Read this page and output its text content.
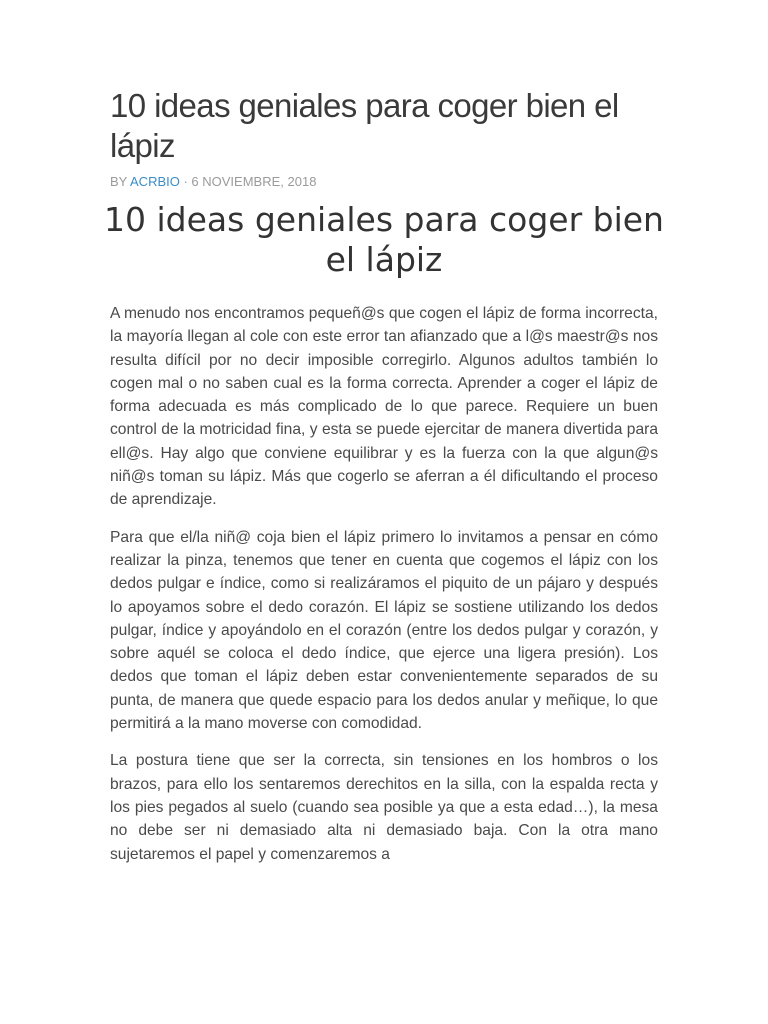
10 ideas geniales para coger bien el lápiz
BY ACRBIO · 6 NOVIEMBRE, 2018
10 ideas geniales para coger bien el lápiz

A menudo nos encontramos pequeñ@s que cogen el lápiz de forma incorrecta, la mayoría llegan al cole con este error tan afianzado que a l@s maestr@s nos resulta difícil por no decir imposible corregirlo. Algunos adultos también lo cogen mal o no saben cual es la forma correcta. Aprender a coger el lápiz de forma adecuada es más complicado de lo que parece. Requiere un buen control de la motricidad fina, y esta se puede ejercitar de manera divertida para ell@s. Hay algo que conviene equilibrar y es la fuerza con la que algun@s niñ@s toman su lápiz. Más que cogerlo se aferran a él dificultando el proceso de aprendizaje.

Para que el/la niñ@ coja bien el lápiz primero lo invitamos a pensar en cómo realizar la pinza, tenemos que tener en cuenta que cogemos el lápiz con los dedos pulgar e índice, como si realizáramos el piquito de un pájaro y después lo apoyamos sobre el dedo corazón. El lápiz se sostiene utilizando los dedos pulgar, índice y apoyándolo en el corazón (entre los dedos pulgar y corazón, y sobre aquél se coloca el dedo índice, que ejerce una ligera presión). Los dedos que toman el lápiz deben estar convenientemente separados de su punta, de manera que quede espacio para los dedos anular y meñique, lo que permitirá a la mano moverse con comodidad.

La postura tiene que ser la correcta, sin tensiones en los hombros o los brazos, para ello los sentaremos derechitos en la silla, con la espalda recta y los pies pegados al suelo (cuando sea posible ya que a esta edad…), la mesa no debe ser ni demasiado alta ni demasiado baja. Con la otra mano sujetaremos el papel y comenzaremos a
